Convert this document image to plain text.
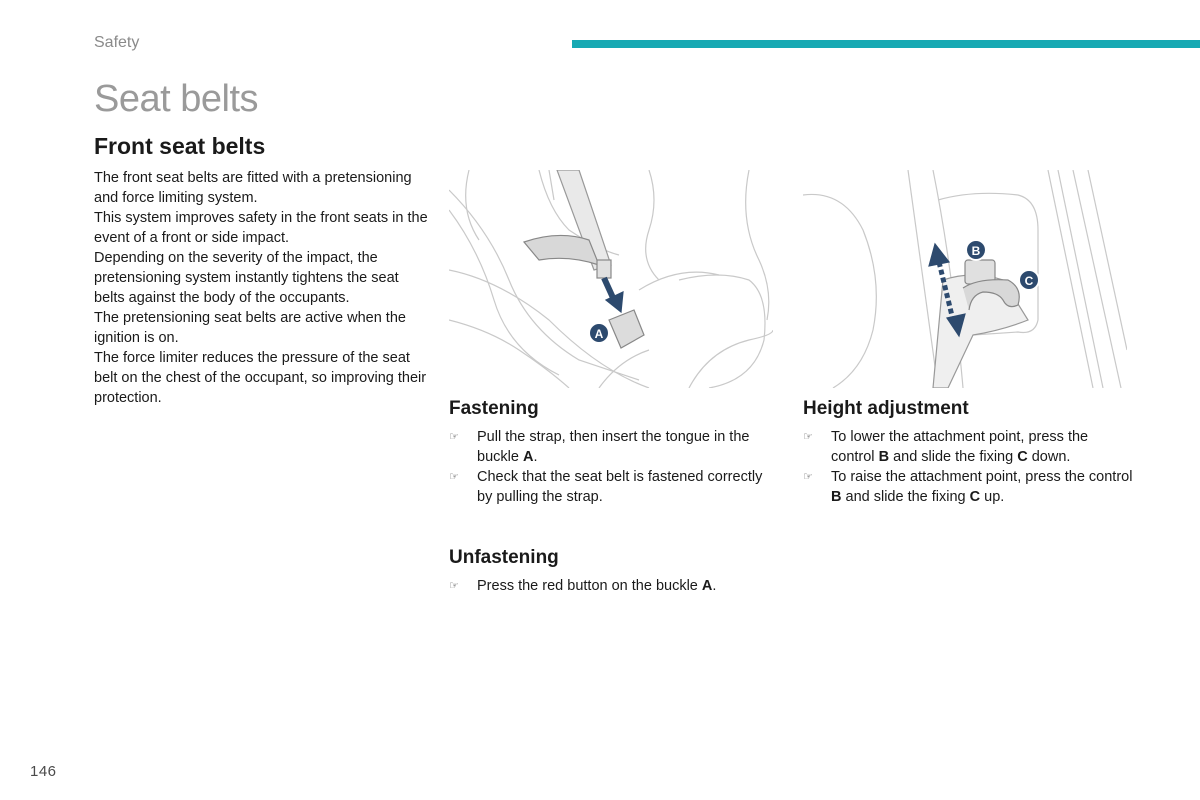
Safety
Seat belts
Front seat belts

The front seat belts are fitted with a pretensioning and force limiting system.

This system improves safety in the front seats in the event of a front or side impact.

Depending on the severity of the impact, the pretensioning system instantly tightens the seat belts against the body of the occupants.

The pretensioning seat belts are active when the ignition is on.

The force limiter reduces the pressure of the seat belt on the chest of the occupant, so improving their protection.

A
B
C
Fastening
☞ Pull the strap, then insert the tongue in the buckle A.
☞ Check that the seat belt is fastened correctly by pulling the strap.
Unfastening
☞ Press the red button on the buckle A.
Height adjustment
☞ To lower the attachment point, press the control B and slide the fixing C down.
☞ To raise the attachment point, press the control B and slide the fixing C up.
146
